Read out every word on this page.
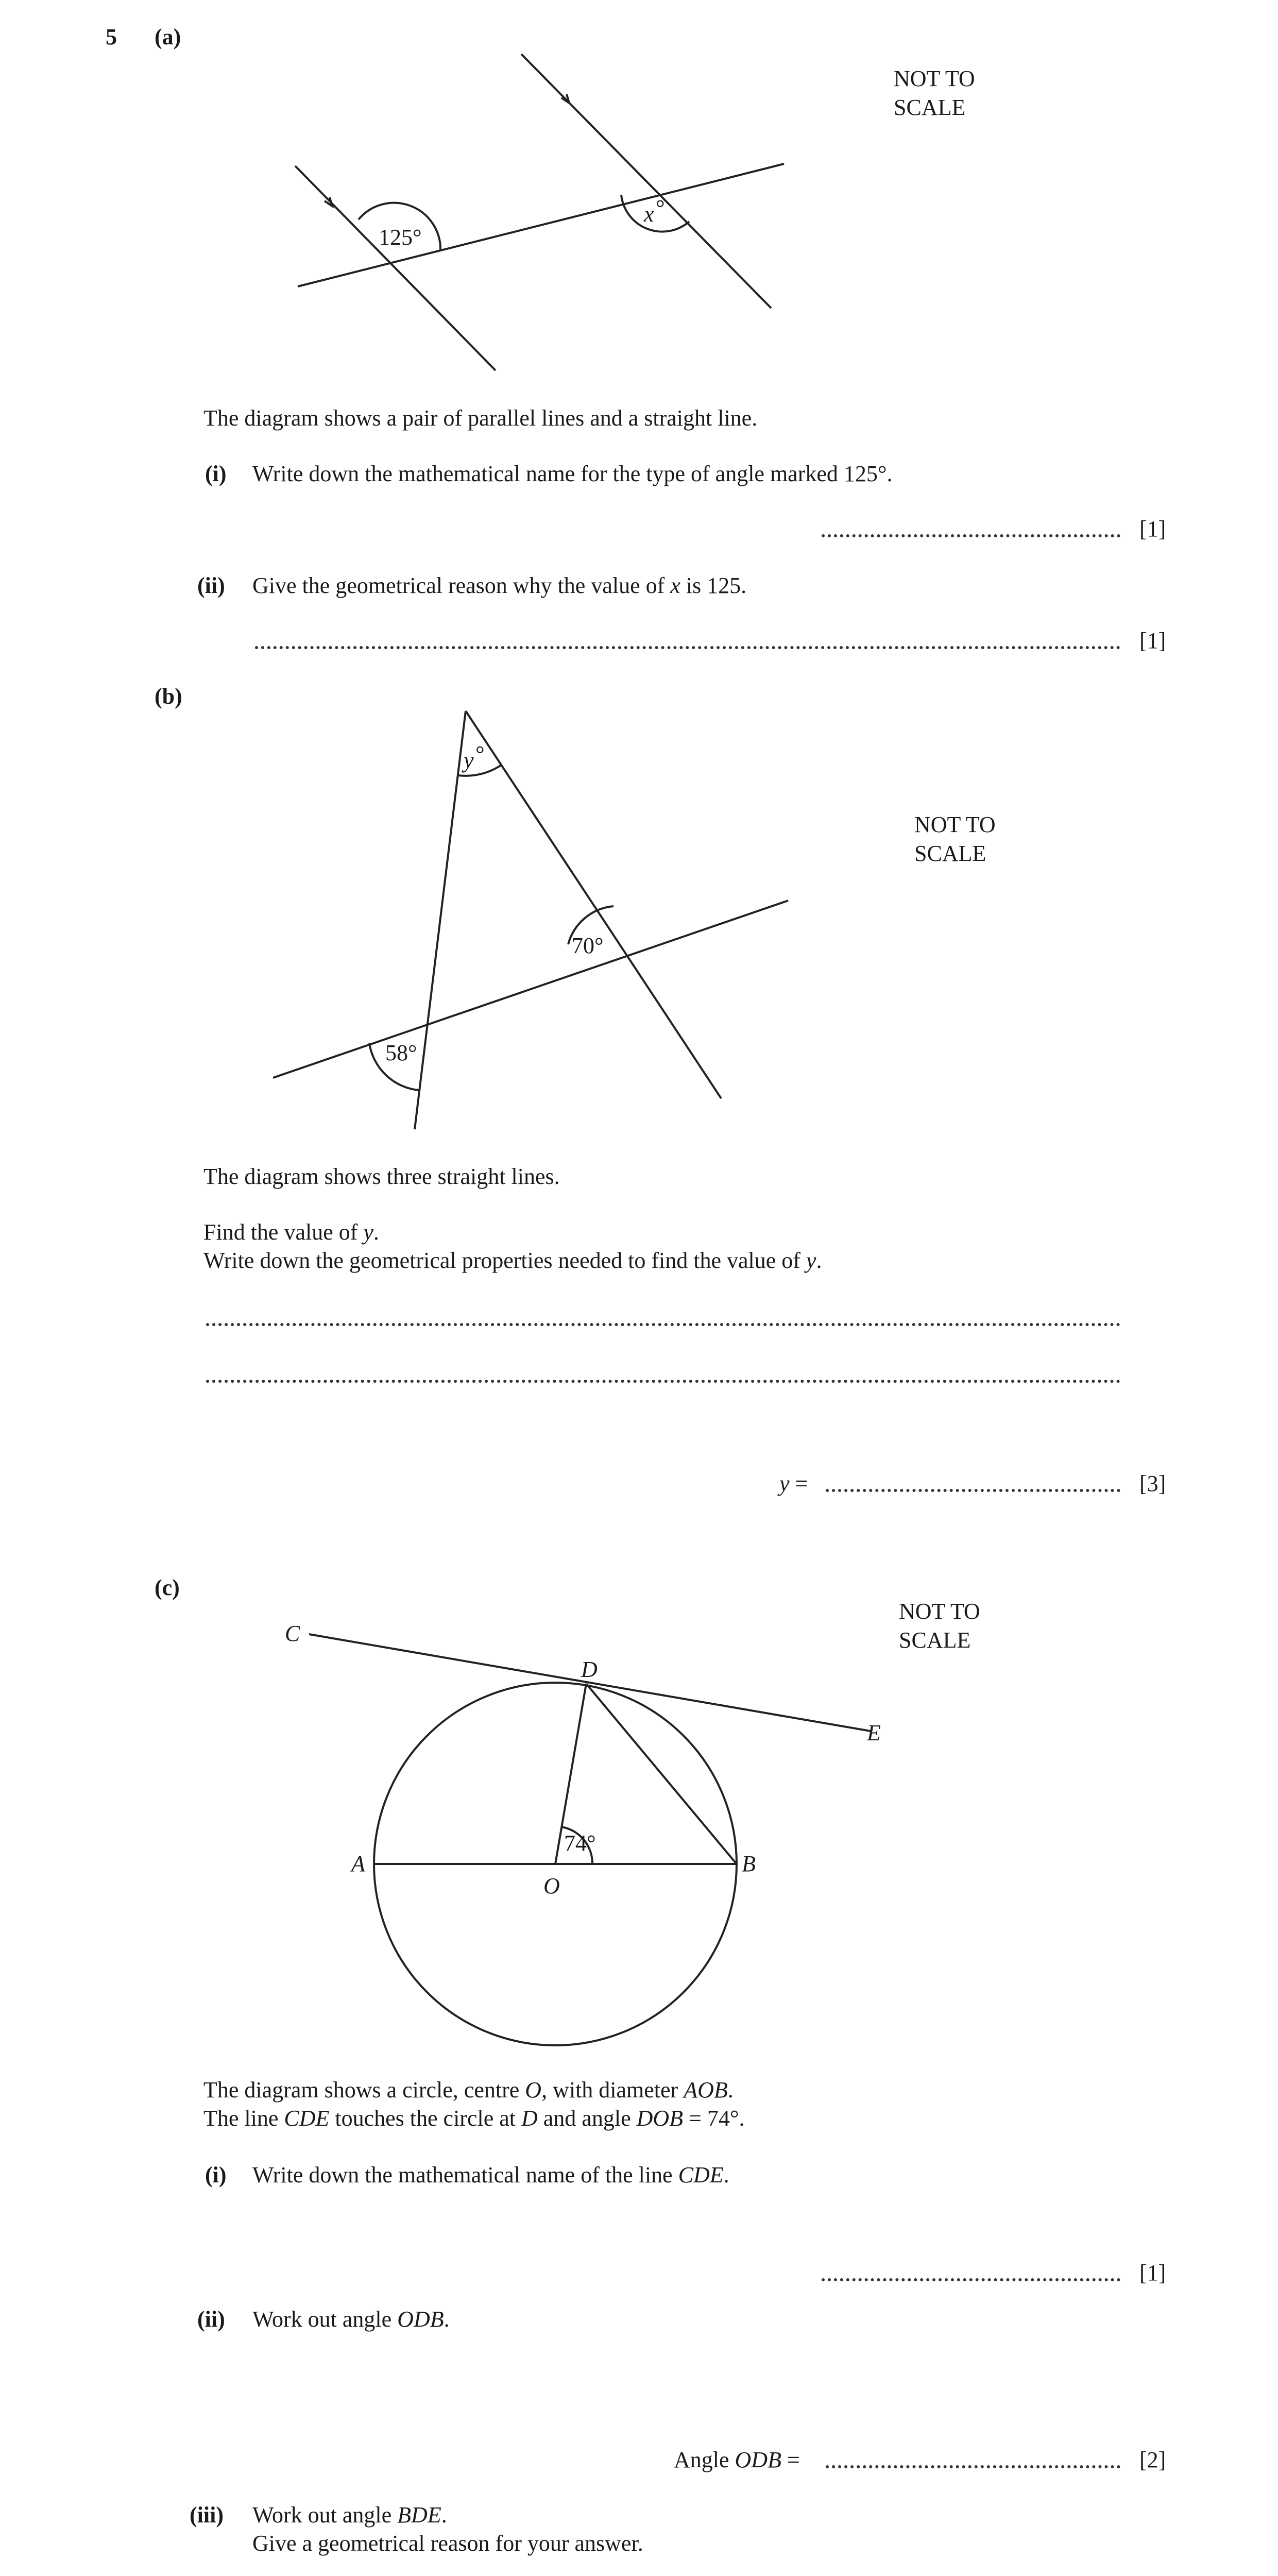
5 (a)
125°
x °
NOT TO
SCALE
The diagram shows a pair of parallel lines and a straight line.
(i) Write down the mathematical name for the type of angle marked 125°.
[1]
(ii) Give the geometrical reason why the value of x is 125.
[1]
(b)
y °
70°
58°
NOT TO
SCALE
The diagram shows three straight lines.
Find the value of y.
Write down the geometrical properties needed to find the value of y.
y =	[3]
(c)
C
D
E
A
O
B
74°
NOT TO
SCALE
The diagram shows a circle, centre O, with diameter AOB.
The line CDE touches the circle at D and angle DOB = 74°.
(i) Write down the mathematical name of the line CDE.
[1]
(ii) Work out angle ODB.
Angle ODB =	[2]
(iii) Work out angle BDE.
Give a geometrical reason for your answer.
